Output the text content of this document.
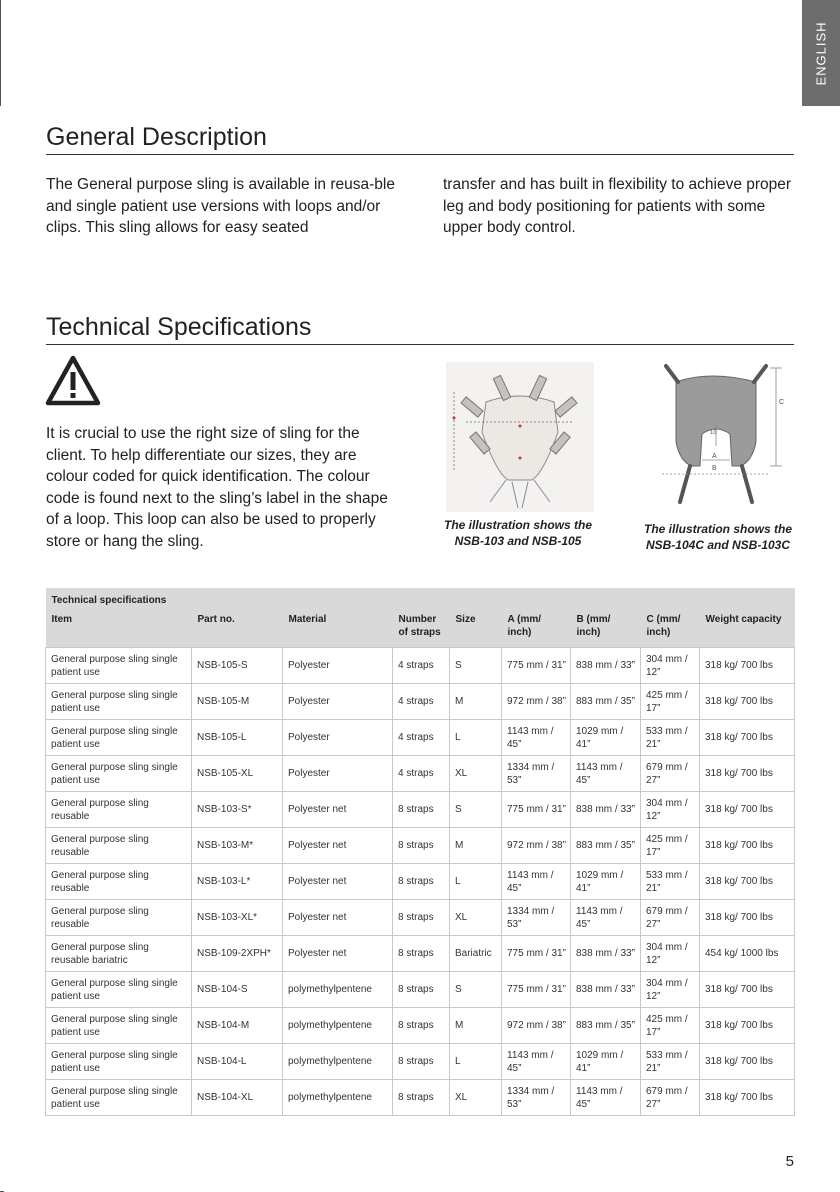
ENGLISH
General Description

The General purpose sling is available in reusa-ble and single patient use versions with loops and/or clips. This sling allows for easy seated

transfer and has built in flexibility to achieve proper leg and body positioning for patients with some upper body control.

Technical Specifications

It is crucial to use the right size of sling for the client. To help differentiate our sizes, they are colour coded for quick identification. The colour code is found next to the sling’s label in the shape of a loop. This loop can also be used to properly store or hang the sling.

The illustration shows the
NSB-103 and NSB-105

C
10
A
B

The illustration shows the
NSB-104C and NSB-103C

Technical specifications								
Item	Part no.	Material	Number of straps	Size	A (mm/ inch)	B (mm/ inch)	C (mm/ inch)	Weight capacity
General purpose sling single patient use	NSB-105-S	Polyester	4 straps	S	775 mm / 31”	838 mm / 33”	304 mm / 12”	318 kg/ 700 lbs
General purpose sling single patient use	NSB-105-M	Polyester	4 straps	M	972 mm / 38”	883 mm / 35”	425 mm / 17”	318 kg/ 700 lbs
General purpose sling single patient use	NSB-105-L	Polyester	4 straps	L	1143 mm / 45”	1029 mm / 41”	533 mm / 21”	318 kg/ 700 lbs
General purpose sling single patient use	NSB-105-XL	Polyester	4 straps	XL	1334 mm / 53”	1143 mm / 45”	679 mm / 27”	318 kg/ 700 lbs
General purpose sling reusable	NSB-103-S*	Polyester net	8 straps	S	775 mm / 31”	838 mm / 33”	304 mm / 12”	318 kg/ 700 lbs
General purpose sling reusable	NSB-103-M*	Polyester net	8 straps	M	972 mm / 38”	883 mm / 35”	425 mm / 17”	318 kg/ 700 lbs
General purpose sling reusable	NSB-103-L*	Polyester net	8 straps	L	1143 mm / 45”	1029 mm / 41”	533 mm / 21”	318 kg/ 700 lbs
General purpose sling reusable	NSB-103-XL*	Polyester net	8 straps	XL	1334 mm / 53”	1143 mm / 45”	679 mm / 27”	318 kg/ 700 lbs
General purpose sling reusable bariatric	NSB-109-2XPH*	Polyester net	8 straps	Bariatric	775 mm / 31”	838 mm / 33”	304 mm / 12”	454 kg/ 1000 lbs
General purpose sling single patient use	NSB-104-S	polymethylpentene	8 straps	S	775 mm / 31”	838 mm / 33”	304 mm / 12”	318 kg/ 700 lbs
General purpose sling single patient use	NSB-104-M	polymethylpentene	8 straps	M	972 mm / 38”	883 mm / 35”	425 mm / 17”	318 kg/ 700 lbs
General purpose sling single patient use	NSB-104-L	polymethylpentene	8 straps	L	1143 mm / 45”	1029 mm / 41”	533 mm / 21”	318 kg/ 700 lbs
General purpose sling single patient use	NSB-104-XL	polymethylpentene	8 straps	XL	1334 mm / 53”	1143 mm / 45”	679 mm / 27”	318 kg/ 700 lbs
5
